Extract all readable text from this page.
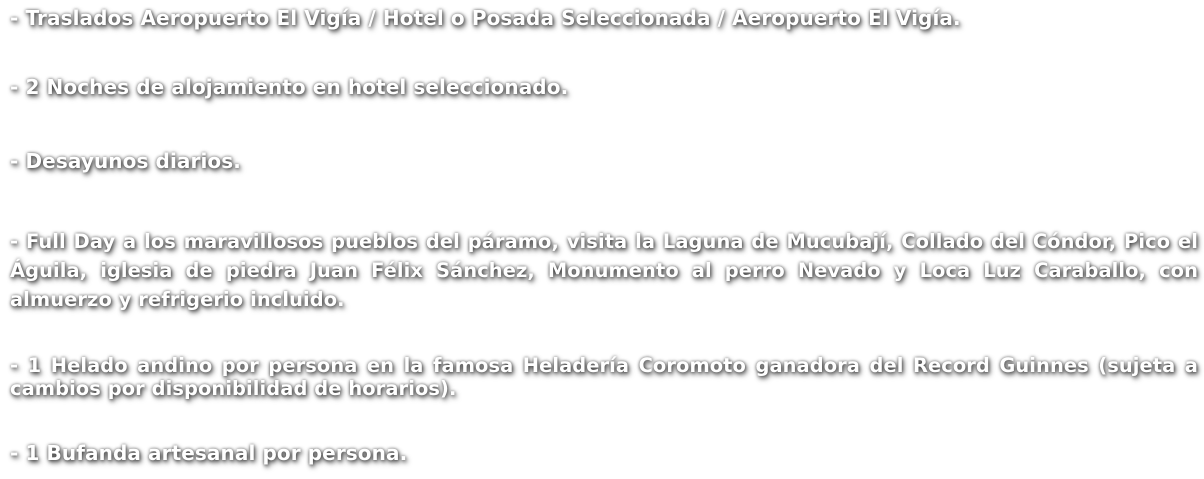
- Traslados Aeropuerto El Vigía / Hotel o Posada Seleccionada / Aeropuerto El Vigía.

- 2 Noches de alojamiento en hotel seleccionado.

- Desayunos diarios.

- Full Day a los maravillosos pueblos del páramo, visita la Laguna de Mucubají, Collado del Cóndor, Pico el Águila, iglesia de piedra Juan Félix Sánchez, Monumento al perro Nevado y Loca Luz Caraballo, con almuerzo y refrigerio incluido.

- 1 Helado andino por persona en la famosa Heladería Coromoto ganadora del Record Guinnes (sujeta a cambios por disponibilidad de horarios).

- 1 Bufanda artesanal por persona.
